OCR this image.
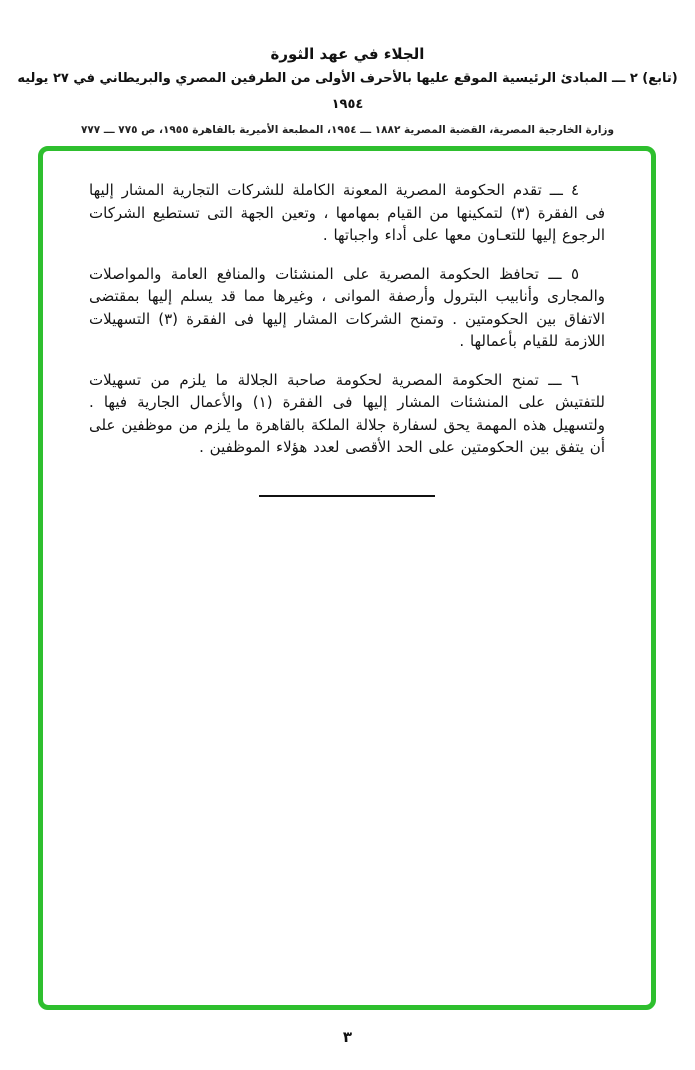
الجلاء في عهد الثورة
(تابع) ٢ ـــ المبادئ الرئيسية الموقع عليها بالأحرف الأولى من الطرفين المصري والبريطاني في ٢٧ يوليه ١٩٥٤
وزارة الخارجية المصرية، القضية المصرية ١٨٨٢ ـــ ١٩٥٤، المطبعة الأميرية بالقاهرة ١٩٥٥، ص ٧٧٥ ـــ ٧٧٧

٤ ـــ تقدم الحكومة المصرية المعونة الكاملة للشركات التجارية المشار إليها فى الفقرة (٣) لتمكينها من القيام بمهامها ، وتعين الجهة التى تستطيع الشركات الرجوع إليها للتعـاون معها على أداء واجباتها .

٥ ـــ تحافظ الحكومة المصرية على المنشئات والمنافع العامة والمواصلات والمجارى وأنابيب البترول وأرصفة الموانى ، وغيرها مما قد يسلم إليها بمقتضى الاتفاق بين الحكومتين . وتمنح الشركات المشار إليها فى الفقرة (٣) التسهيلات اللازمة للقيام بأعمالها .

٦ ـــ تمنح الحكومة المصرية لحكومة صاحبة الجلالة ما يلزم من تسهيلات للتفتيش على المنشئات المشار إليها فى الفقرة (١) والأعمال الجارية فيها . ولتسهيل هذه المهمة يحق لسفارة جلالة الملكة بالقاهرة ما يلزم من موظفين على أن يتفق بين الحكومتين على الحد الأقصى لعدد هؤلاء الموظفين .

٣
